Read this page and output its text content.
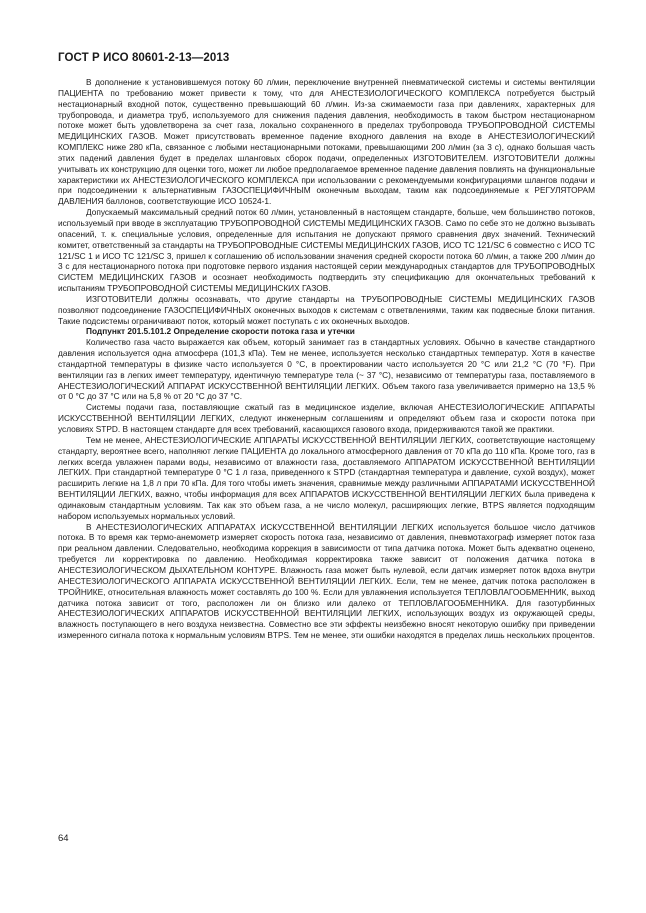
ГОСТ Р ИСО 80601-2-13—2013

В дополнение к установившемуся потоку 60 л/мин, переключение внутренней пневматической системы и системы вентиляции ПАЦИЕНТА по требованию может привести к тому, что для АНЕСТЕЗИОЛОГИЧЕСКОГО КОМПЛЕКСА потребуется быстрый нестационарный входной поток, существенно превышающий 60 л/мин. Из-за сжимаемости газа при давлениях, характерных для трубопровода, и диаметра труб, используемого для снижения падения давления, необходимость в таком быстром нестационарном потоке может быть удовлетворена за счет газа, локально сохраненного в пределах трубопровода ТРУБОПРОВОДНОЙ СИСТЕМЫ МЕДИЦИНСКИХ ГАЗОВ. Может присутствовать временное падение входного давления на входе в АНЕСТЕЗИОЛОГИЧЕСКИЙ КОМПЛЕКС ниже 280 кПа, связанное с любыми нестационарными потоками, превышающими 200 л/мин (за 3 с), однако большая часть этих падений давления будет в пределах шланговых сборок подачи, определенных ИЗГОТОВИТЕЛЕМ. ИЗГОТОВИТЕЛИ должны учитывать их конструкцию для оценки того, может ли любое предполагаемое временное падение давления повлиять на функциональные характеристики их АНЕСТЕЗИОЛОГИЧЕСКОГО КОМПЛЕКСА при использовании с рекомендуемыми конфигурациями шлангов подачи и при подсоединении к альтернативным ГАЗОСПЕЦИФИЧНЫМ оконечным выходам, таким как подсоединяемые к РЕГУЛЯТОРАМ ДАВЛЕНИЯ баллонов, соответствующие ИСО 10524-1.

Допускаемый максимальный средний поток 60 л/мин, установленный в настоящем стандарте, больше, чем большинство потоков, используемый при вводе в эксплуатацию ТРУБОПРОВОДНОЙ СИСТЕМЫ МЕДИЦИНСКИХ ГАЗОВ. Само по себе это не должно вызывать опасений, т. к. специальные условия, определенные для испытания не допускают прямого сравнения двух значений. Технический комитет, ответственный за стандарты на ТРУБОПРОВОДНЫЕ СИСТЕМЫ МЕДИЦИНСКИХ ГАЗОВ, ИСО ТС 121/SC 6 совместно с ИСО ТС 121/SC 1 и ИСО ТС 121/SC 3, пришел к соглашению об использовании значения средней скорости потока 60 л/мин, а также 200 л/мин до 3 с для нестационарного потока при подготовке первого издания настоящей серии международных стандартов для ТРУБОПРОВОДНЫХ СИСТЕМ МЕДИЦИНСКИХ ГАЗОВ и осознает необходимость подтвердить эту спецификацию для окончательных требований к испытаниям ТРУБОПРОВОДНОЙ СИСТЕМЫ МЕДИЦИНСКИХ ГАЗОВ.

ИЗГОТОВИТЕЛИ должны осознавать, что другие стандарты на ТРУБОПРОВОДНЫЕ СИСТЕМЫ МЕДИЦИНСКИХ ГАЗОВ позволяют подсоединение ГАЗОСПЕЦИФИЧНЫХ оконечных выходов к системам с ответвлениями, таким как подвесные блоки питания. Такие подсистемы ограничивают поток, который может поступать с их оконечных выходов.

Подпункт 201.5.101.2 Определение скорости потока газа и утечки

Количество газа часто выражается как объем, который занимает газ в стандартных условиях. Обычно в качестве стандартного давления используется одна атмосфера (101,3 кПа). Тем не менее, используется несколько стандартных температур. Хотя в качестве стандартной температуры в физике часто используется 0 °С, в проектировании часто используется 20 °С или 21,2 °С (70 °F). При вентиляции газ в легких имеет температуру, идентичную температуре тела (~ 37 °С), независимо от температуры газа, поставляемого в АНЕСТЕЗИОЛОГИЧЕСКИЙ АППАРАТ ИСКУССТВЕННОЙ ВЕНТИЛЯЦИИ ЛЕГКИХ. Объем такого газа увеличивается примерно на 13,5 % от 0 °С до 37 °С или на 5,8 % от 20 °С до 37 °С.

Системы подачи газа, поставляющие сжатый газ в медицинское изделие, включая АНЕСТЕЗИОЛОГИЧЕСКИЕ АППАРАТЫ ИСКУССТВЕННОЙ ВЕНТИЛЯЦИИ ЛЕГКИХ, следуют инженерным соглашениям и определяют объем газа и скорости потока при условиях STPD. В настоящем стандарте для всех требований, касающихся газового входа, придерживаются такой же практики.

Тем не менее, АНЕСТЕЗИОЛОГИЧЕСКИЕ АППАРАТЫ ИСКУССТВЕННОЙ ВЕНТИЛЯЦИИ ЛЕГКИХ, соответствующие настоящему стандарту, вероятнее всего, наполняют легкие ПАЦИЕНТА до локального атмосферного давления от 70 кПа до 110 кПа. Кроме того, газ в легких всегда увлажнен парами воды, независимо от влажности газа, доставляемого АППАРАТОМ ИСКУССТВЕННОЙ ВЕНТИЛЯЦИИ ЛЕГКИХ. При стандартной температуре 0 °С 1 л газа, приведенного к STPD (стандартная температура и давление, сухой воздух), может расширить легкие на 1,8 л при 70 кПа. Для того чтобы иметь значения, сравнимые между различными АППАРАТАМИ ИСКУССТВЕННОЙ ВЕНТИЛЯЦИИ ЛЕГКИХ, важно, чтобы информация для всех АППАРАТОВ ИСКУССТВЕННОЙ ВЕНТИЛЯЦИИ ЛЕГКИХ была приведена к одинаковым стандартным условиям. Так как это объем газа, а не число молекул, расширяющих легкие, BTPS является подходящим набором используемых нормальных условий.

В АНЕСТЕЗИОЛОГИЧЕСКИХ АППАРАТАХ ИСКУССТВЕННОЙ ВЕНТИЛЯЦИИ ЛЕГКИХ используется большое число датчиков потока. В то время как термо-анемометр измеряет скорость потока газа, независимо от давления, пневмотахограф измеряет поток газа при реальном давлении. Следовательно, необходима коррекция в зависимости от типа датчика потока. Может быть адекватно оценено, требуется ли корректировка по давлению. Необходимая корректировка также зависит от положения датчика потока в АНЕСТЕЗИОЛОГИЧЕСКОМ ДЫХАТЕЛЬНОМ КОНТУРЕ. Влажность газа может быть нулевой, если датчик измеряет поток вдоха внутри АНЕСТЕЗИОЛОГИЧЕСКОГО АППАРАТА ИСКУССТВЕННОЙ ВЕНТИЛЯЦИИ ЛЕГКИХ. Если, тем не менее, датчик потока расположен в ТРОЙНИКЕ, относительная влажность может составлять до 100 %. Если для увлажнения используется ТЕПЛОВЛАГООБМЕННИК, выход датчика потока зависит от того, расположен ли он близко или далеко от ТЕПЛОВЛАГООБМЕННИКА. Для газотурбинных АНЕСТЕЗИОЛОГИЧЕСКИХ АППАРАТОВ ИСКУССТВЕННОЙ ВЕНТИЛЯЦИИ ЛЕГКИХ, использующих воздух из окружающей среды, влажность поступающего в него воздуха неизвестна. Совместно все эти эффекты неизбежно вносят некоторую ошибку при приведении измеренного сигнала потока к нормальным условиям BTPS. Тем не менее, эти ошибки находятся в пределах лишь нескольких процентов.

64
